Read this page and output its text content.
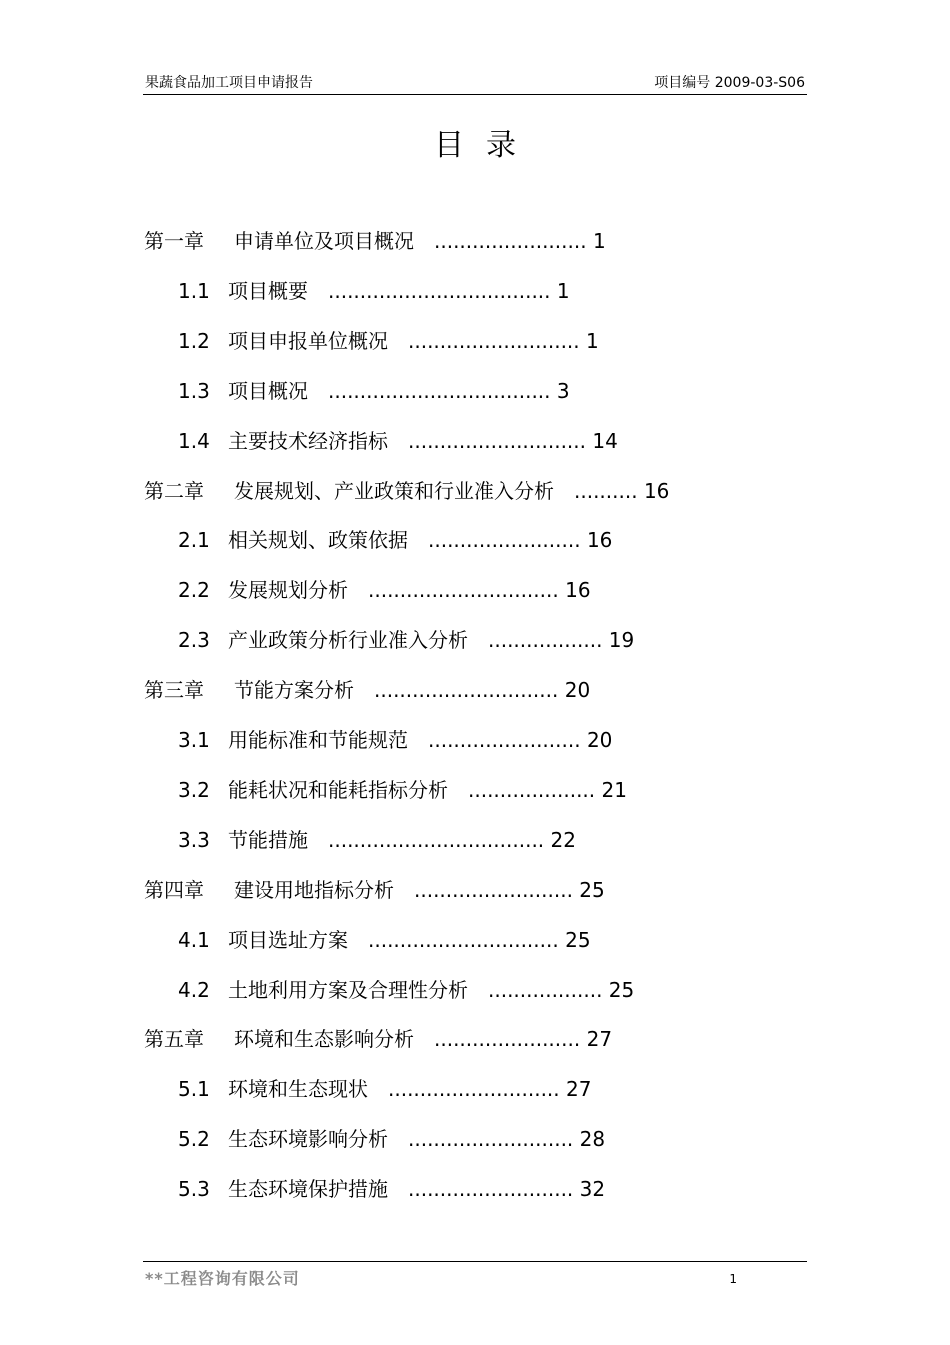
果蔬食品加工项目申请报告	项目编号 2009-03-S06
目录
第一章 申请单位及项目概况  ........................ 1
1.1 项目概要  ................................... 1
1.2 项目申报单位概况  ........................... 1
1.3 项目概况  ................................... 3
1.4 主要技术经济指标  ............................ 14
第二章 发展规划、产业政策和行业准入分析  .......... 16
2.1 相关规划、政策依据  ........................ 16
2.2 发展规划分析  .............................. 16
2.3 产业政策分析行业准入分析  .................. 19
第三章 节能方案分析  ............................. 20
3.1 用能标准和节能规范  ........................ 20
3.2 能耗状况和能耗指标分析  .................... 21
3.3 节能措施  .................................. 22
第四章 建设用地指标分析  ......................... 25
4.1 项目选址方案  .............................. 25
4.2 土地利用方案及合理性分析  .................. 25
第五章 环境和生态影响分析  ....................... 27
5.1 环境和生态现状  ........................... 27
5.2 生态环境影响分析  .......................... 28
5.3 生态环境保护措施  .......................... 32
**工程咨询有限公司	1
